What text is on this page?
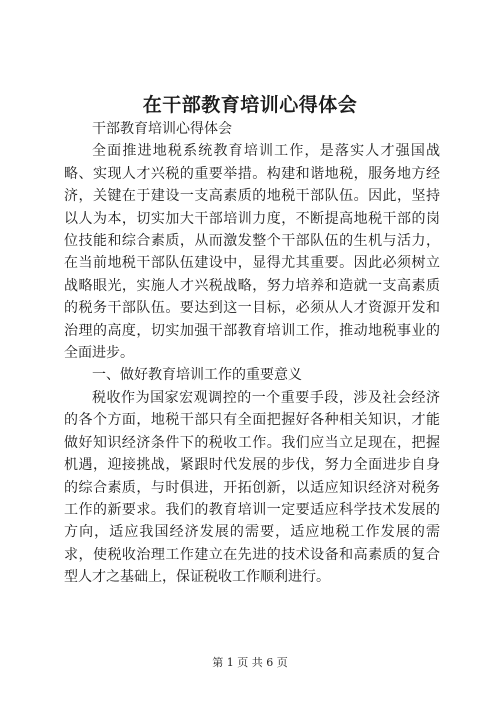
在干部教育培训心得体会

干部教育培训心得体会

全面推进地税系统教育培训工作，是落实人才强国战略、实现人才兴税的重要举措。构建和谐地税，服务地方经济，关键在于建设一支高素质的地税干部队伍。因此，坚持以人为本，切实加大干部培训力度，不断提高地税干部的岗位技能和综合素质，从而激发整个干部队伍的生机与活力，在当前地税干部队伍建设中，显得尤其重要。因此必须树立战略眼光，实施人才兴税战略，努力培养和造就一支高素质的税务干部队伍。要达到这一目标，必须从人才资源开发和治理的高度，切实加强干部教育培训工作，推动地税事业的全面进步。

一、做好教育培训工作的重要意义

税收作为国家宏观调控的一个重要手段，涉及社会经济的各个方面，地税干部只有全面把握好各种相关知识，才能做好知识经济条件下的税收工作。我们应当立足现在，把握机遇，迎接挑战，紧跟时代发展的步伐，努力全面进步自身的综合素质，与时俱进，开拓创新，以适应知识经济对税务工作的新要求。我们的教育培训一定要适应科学技术发展的方向，适应我国经济发展的需要，适应地税工作发展的需求，使税收治理工作建立在先进的技术设备和高素质的复合型人才之基础上，保证税收工作顺利进行。

第 1 页 共 6 页
